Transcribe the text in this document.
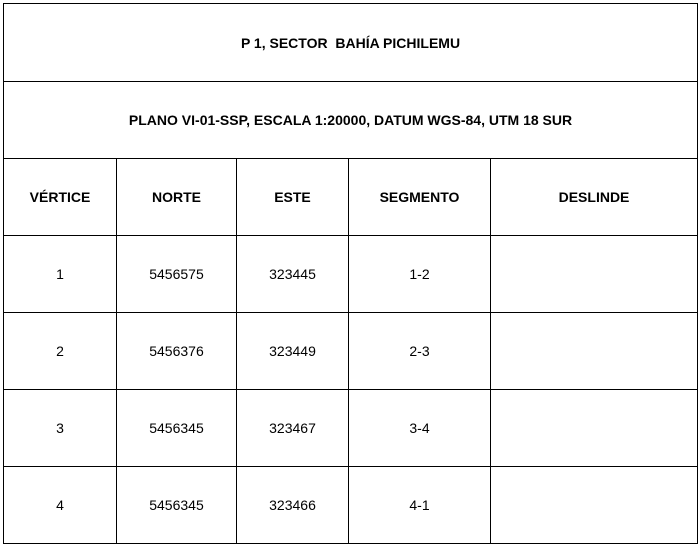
P 1, SECTOR  BAHÍA PICHILEMU				
PLANO VI-01-SSP, ESCALA 1:20000, DATUM WGS-84, UTM 18 SUR				
VÉRTICE	NORTE	ESTE	SEGMENTO	DESLINDE
1	5456575	323445	1-2	
2	5456376	323449	2-3	
3	5456345	323467	3-4	
4	5456345	323466	4-1	
